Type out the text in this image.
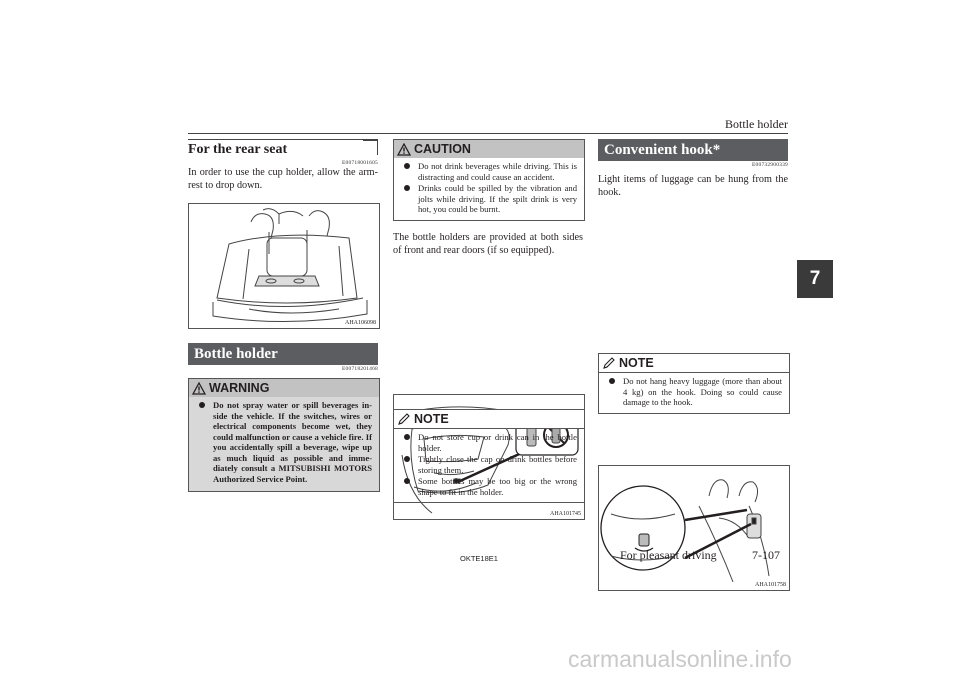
Bottle holder
7
For the rear seat
E00718001605
In order to use the cup holder, allow the arm-rest to drop down.
AHA106098
Bottle holder
E00718201468
WARNING
Do not spray water or spill beverages in-side the vehicle. If the switches, wires or electrical components become wet, they could malfunction or cause a vehicle fire. If you accidentally spill a beverage, wipe up as much liquid as possible and imme-diately consult a MITSUBISHI MOTORS Authorized Service Point.
CAUTION
Do not drink beverages while driving. This is distracting and could cause an accident.
Drinks could be spilled by the vibration and jolts while driving. If the spilt drink is very hot, you could be burnt.
The bottle holders are provided at both sides of front and rear doors (if so equipped).
AHA101745
NOTE
Do not store cup or drink can in the bottle holder.
Tightly close the cap on drink bottles before storing them.
Some bottles may be too big or the wrong shape to fit in the holder.
Convenient hook*
E00732900339
Light items of luggage can be hung from the hook.
AHA101758
NOTE
Do not hang heavy luggage (more than about 4 kg) on the hook. Doing so could cause damage to the hook.
OKTE18E1	For pleasant driving	7-107
carmanualsonline.info
